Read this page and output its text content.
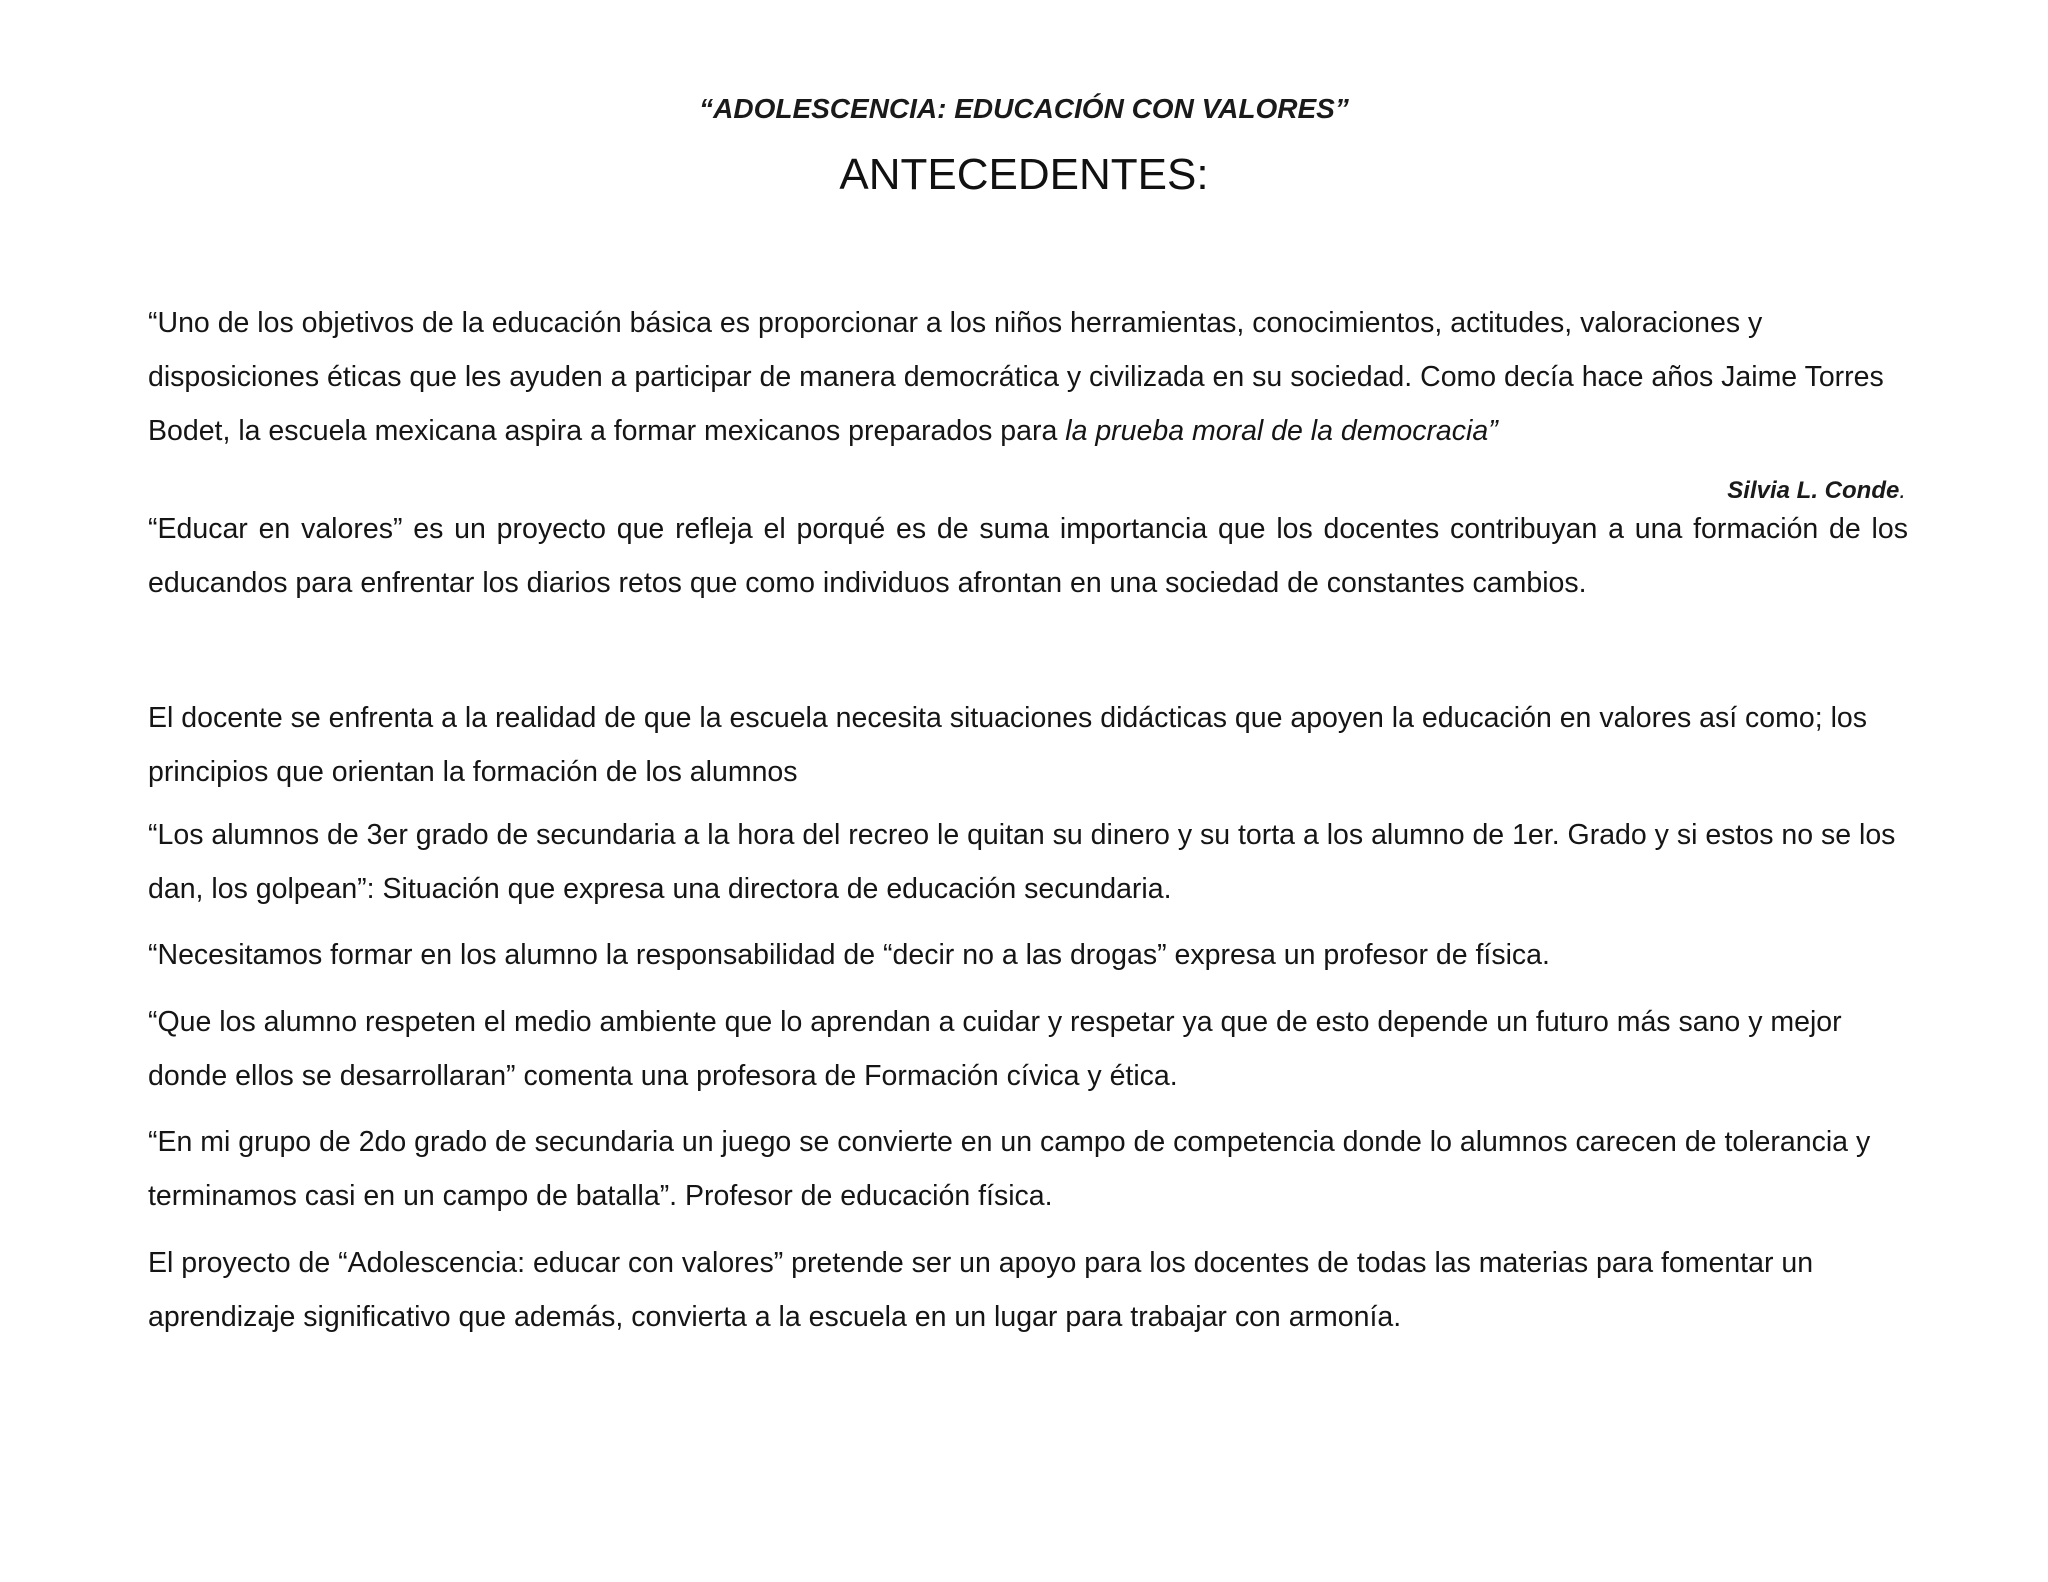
“ADOLESCENCIA: EDUCACIÓN CON VALORES”
ANTECEDENTES:

“Uno de los objetivos de la educación básica es proporcionar a los niños herramientas, conocimientos, actitudes, valoraciones y disposiciones éticas que les ayuden a participar de manera democrática y civilizada en su sociedad. Como decía hace años Jaime Torres Bodet, la escuela mexicana aspira a formar mexicanos preparados para la prueba moral de la democracia”

Silvia L. Conde.

“Educar en valores” es un proyecto que refleja el porqué es de suma importancia que los docentes contribuyan a una formación de los educandos para enfrentar los diarios retos que como individuos afrontan en una sociedad de constantes cambios.

El docente se enfrenta a la realidad de que la escuela necesita situaciones didácticas que apoyen la educación en valores así como; los principios que orientan la formación de los alumnos

“Los alumnos de 3er grado de secundaria a la hora del recreo le quitan su dinero y su torta a los alumno de 1er. Grado y si estos no se los dan, los golpean”: Situación que expresa una directora de educación secundaria.

“Necesitamos formar en los alumno la responsabilidad de “decir no a las drogas” expresa un profesor de física.

“Que los alumno respeten el medio ambiente que lo aprendan a cuidar y respetar ya que de esto depende un futuro más sano y mejor donde ellos se desarrollaran” comenta una profesora de Formación cívica y ética.

“En mi grupo de 2do grado de secundaria un juego se convierte en un campo de competencia donde lo alumnos carecen de tolerancia y terminamos casi en un campo de batalla”. Profesor de educación física.

El proyecto de “Adolescencia: educar con valores” pretende ser un apoyo para los docentes de todas las materias para fomentar un aprendizaje significativo que además, convierta a la escuela en un lugar para trabajar con armonía.
